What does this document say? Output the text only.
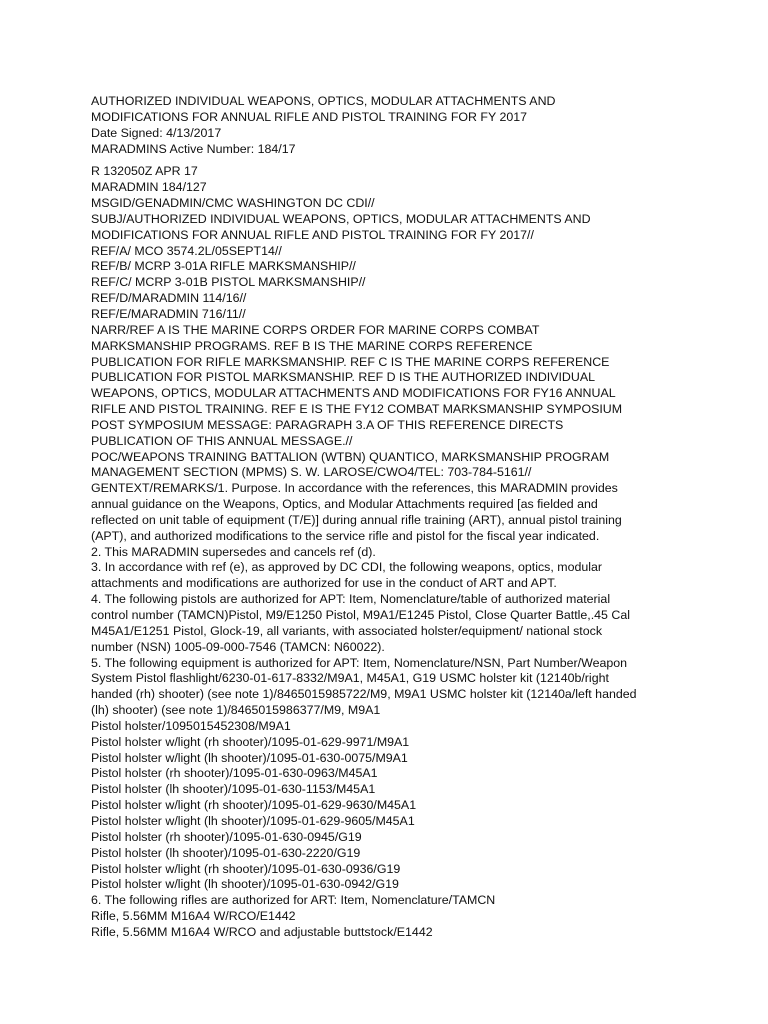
AUTHORIZED INDIVIDUAL WEAPONS, OPTICS, MODULAR ATTACHMENTS AND
MODIFICATIONS FOR ANNUAL RIFLE AND PISTOL TRAINING FOR FY 2017
Date Signed: 4/13/2017
MARADMINS Active Number: 184/17
R 132050Z APR 17
MARADMIN 184/127
MSGID/GENADMIN/CMC WASHINGTON DC CDI//
SUBJ/AUTHORIZED INDIVIDUAL WEAPONS, OPTICS, MODULAR ATTACHMENTS AND
MODIFICATIONS FOR ANNUAL RIFLE AND PISTOL TRAINING FOR FY 2017//
REF/A/ MCO 3574.2L/05SEPT14//
REF/B/ MCRP 3-01A RIFLE MARKSMANSHIP//
REF/C/ MCRP 3-01B PISTOL MARKSMANSHIP//
REF/D/MARADMIN 114/16//
REF/E/MARADMIN 716/11//
NARR/REF A IS THE MARINE CORPS ORDER FOR MARINE CORPS COMBAT
MARKSMANSHIP PROGRAMS. REF B IS THE MARINE CORPS REFERENCE
PUBLICATION FOR RIFLE MARKSMANSHIP. REF C IS THE MARINE CORPS REFERENCE
PUBLICATION FOR PISTOL MARKSMANSHIP. REF D IS THE AUTHORIZED INDIVIDUAL
WEAPONS, OPTICS, MODULAR ATTACHMENTS AND MODIFICATIONS FOR FY16 ANNUAL
RIFLE AND PISTOL TRAINING. REF E IS THE FY12 COMBAT MARKSMANSHIP SYMPOSIUM
POST SYMPOSIUM MESSAGE: PARAGRAPH 3.A OF THIS REFERENCE DIRECTS
PUBLICATION OF THIS ANNUAL MESSAGE.//
POC/WEAPONS TRAINING BATTALION (WTBN) QUANTICO, MARKSMANSHIP PROGRAM
MANAGEMENT SECTION (MPMS) S. W. LAROSE/CWO4/TEL: 703-784-5161//
GENTEXT/REMARKS/1. Purpose. In accordance with the references, this MARADMIN provides
annual guidance on the Weapons, Optics, and Modular Attachments required [as fielded and
reflected on unit table of equipment (T/E)] during annual rifle training (ART), annual pistol training
(APT), and authorized modifications to the service rifle and pistol for the fiscal year indicated.
2. This MARADMIN supersedes and cancels ref (d).
3. In accordance with ref (e), as approved by DC CDI, the following weapons, optics, modular
attachments and modifications are authorized for use in the conduct of ART and APT.
4. The following pistols are authorized for APT: Item, Nomenclature/table of authorized material
control number (TAMCN)Pistol, M9/E1250 Pistol, M9A1/E1245 Pistol, Close Quarter Battle,.45 Cal
M45A1/E1251 Pistol, Glock-19, all variants, with associated holster/equipment/ national stock
number (NSN) 1005-09-000-7546 (TAMCN: N60022).
5. The following equipment is authorized for APT: Item, Nomenclature/NSN, Part Number/Weapon
System Pistol flashlight/6230-01-617-8332/M9A1, M45A1, G19 USMC holster kit (12140b/right
handed (rh) shooter) (see note 1)/8465015985722/M9, M9A1 USMC holster kit (12140a/left handed
(lh) shooter) (see note 1)/8465015986377/M9, M9A1
Pistol holster/1095015452308/M9A1
Pistol holster w/light (rh shooter)/1095-01-629-9971/M9A1
Pistol holster w/light (lh shooter)/1095-01-630-0075/M9A1
Pistol holster (rh shooter)/1095-01-630-0963/M45A1
Pistol holster (lh shooter)/1095-01-630-1153/M45A1
Pistol holster w/light (rh shooter)/1095-01-629-9630/M45A1
Pistol holster w/light (lh shooter)/1095-01-629-9605/M45A1
Pistol holster (rh shooter)/1095-01-630-0945/G19
Pistol holster (lh shooter)/1095-01-630-2220/G19
Pistol holster w/light (rh shooter)/1095-01-630-0936/G19
Pistol holster w/light (lh shooter)/1095-01-630-0942/G19
6. The following rifles are authorized for ART: Item, Nomenclature/TAMCN
Rifle, 5.56MM M16A4 W/RCO/E1442
Rifle, 5.56MM M16A4 W/RCO and adjustable buttstock/E1442
